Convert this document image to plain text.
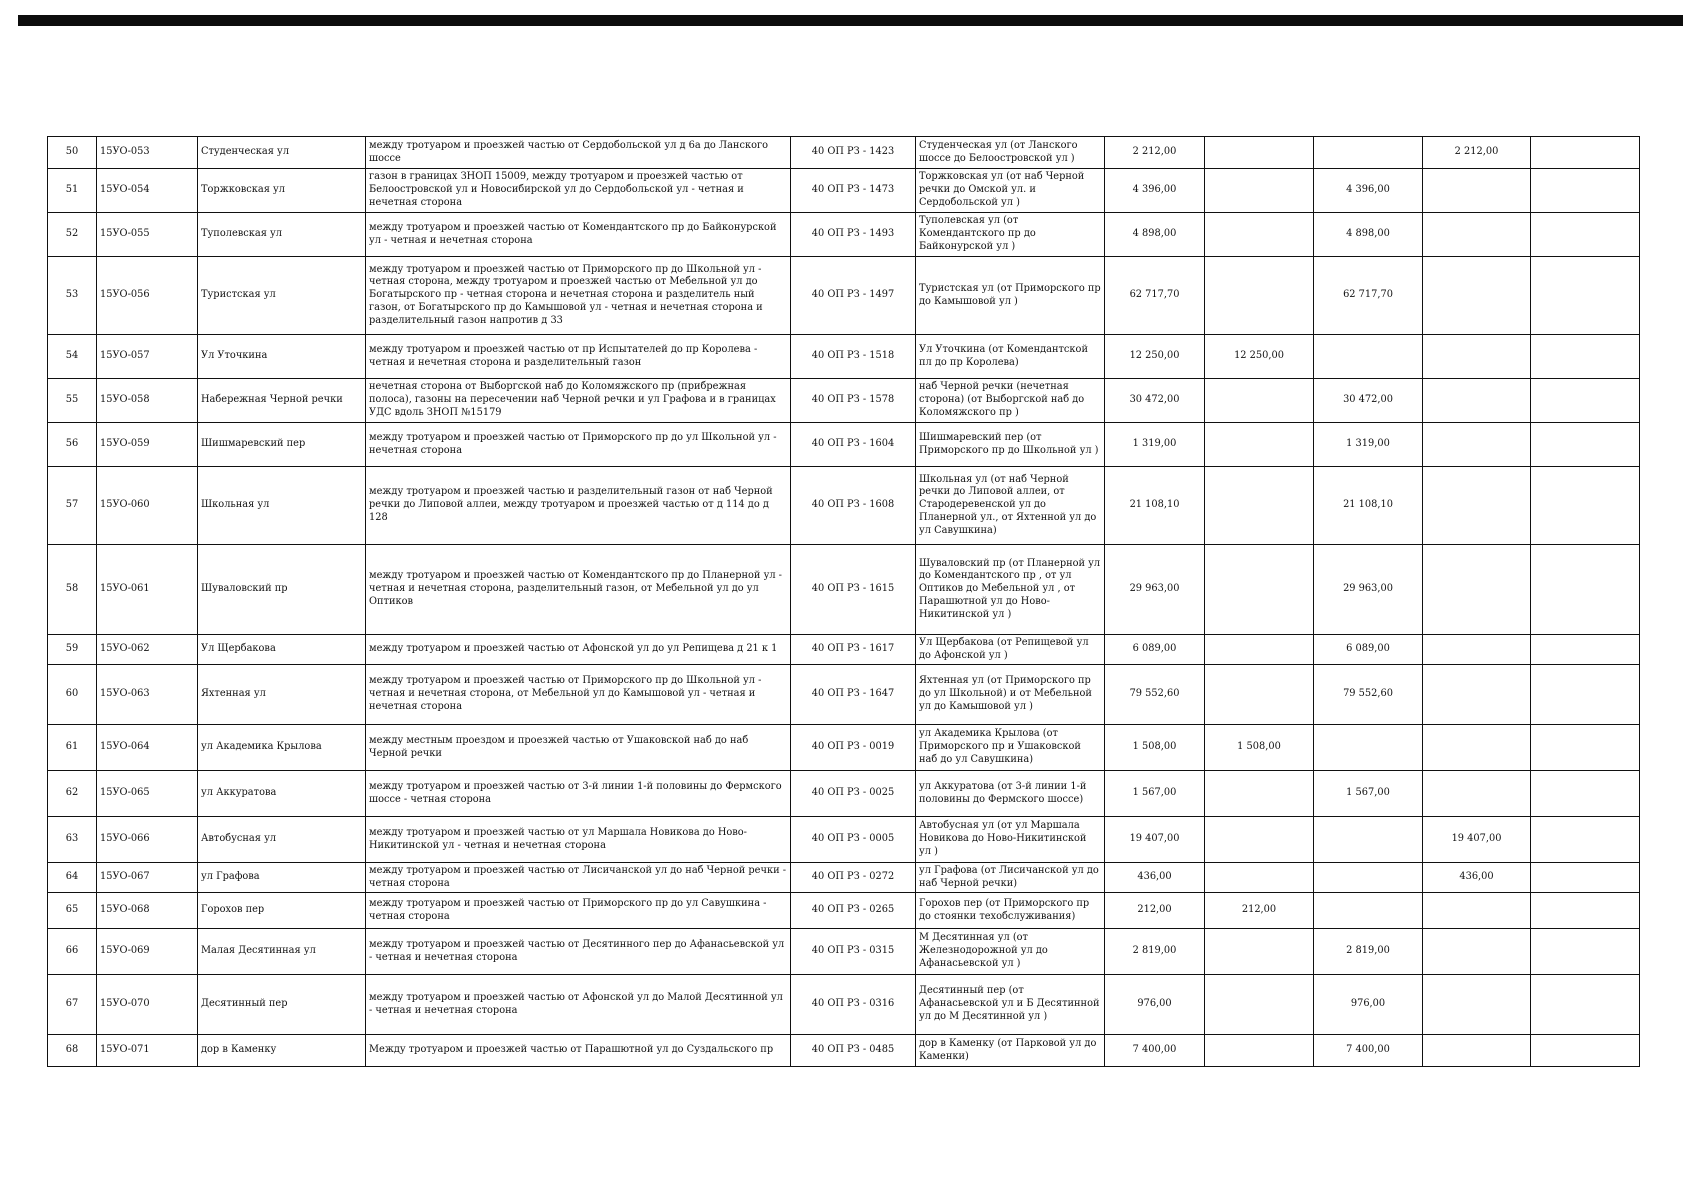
50	15УО-053	Студенческая ул	между тротуаром и проезжей частью от Сердобольской ул д 6а до Ланского шоссе	40 ОП РЗ - 1423	Студенческая ул (от Ланского шоссе до Белоостровской ул )	2 212,00			2 212,00	
51	15УО-054	Торжковская ул	газон в границах ЗНОП 15009, между тротуаром и проезжей частью от Белоостровской ул и Новосибирской ул до Сердобольской ул - четная и нечетная сторона	40 ОП РЗ - 1473	Торжковская ул (от наб Черной речки до Омской ул. и Сердобольской ул )	4 396,00		4 396,00		
52	15УО-055	Туполевская ул	между тротуаром и проезжей частью от Комендантского пр до Байконурской ул - четная и нечетная сторона	40 ОП РЗ - 1493	Туполевская ул (от Комендантского пр до Байконурской ул )	4 898,00		4 898,00		
53	15УО-056	Туристская ул	между тротуаром и проезжей частью от Приморского пр до Школьной ул - четная сторона, между тротуаром и проезжей частью от Мебельной ул до Богатырского пр - четная сторона и нечетная сторона и разделитель ный газон, от Богатырского пр до Камышовой ул - четная и нечетная сторона и разделительный газон напротив д 33	40 ОП РЗ - 1497	Туристская ул (от Приморского пр до Камышовой ул )	62 717,70		62 717,70		
54	15УО-057	Ул Уточкина	между тротуаром и проезжей частью от пр Испытателей до пр Королева - четная и нечетная сторона и разделительный газон	40 ОП РЗ - 1518	Ул Уточкина (от Комендантской пл до пр Королева)	12 250,00	12 250,00			
55	15УО-058	Набережная Черной речки	нечетная сторона от Выборгской наб до Коломяжского пр (прибрежная полоса), газоны на пересечении наб Черной речки и ул Графова и в границах УДС вдоль ЗНОП №15179	40 ОП РЗ - 1578	наб Черной речки (нечетная сторона) (от Выборгской наб до Коломяжского пр )	30 472,00		30 472,00		
56	15УО-059	Шишмаревский пер	между тротуаром и проезжей частью от Приморского пр до ул Школьной ул - нечетная сторона	40 ОП РЗ - 1604	Шишмаревский пер (от Приморского пр до Школьной ул )	1 319,00		1 319,00		
57	15УО-060	Школьная ул	между тротуаром и проезжей частью и разделительный газон от наб Черной речки до Липовой аллеи, между тротуаром и проезжей частью от д 114 до д 128	40 ОП РЗ - 1608	Школьная ул (от наб Черной речки до Липовой аллеи, от Стародеревенской ул до Планерной ул., от Яхтенной ул до ул Савушкина)	21 108,10		21 108,10		
58	15УО-061	Шуваловский пр	между тротуаром и проезжей частью от Комендантского пр до Планерной ул - четная и нечетная сторона, разделительный газон, от Мебельной ул до ул Оптиков	40 ОП РЗ - 1615	Шуваловский пр (от Планерной ул до Комендантского пр , от ул Оптиков до Мебельной ул , от Парашютной ул до Ново-Никитинской ул )	29 963,00		29 963,00		
59	15УО-062	Ул Щербакова	между тротуаром и проезжей частью от Афонской ул до ул Репищева д 21 к 1	40 ОП РЗ - 1617	Ул Щербакова (от Репищевой ул до Афонской ул )	6 089,00		6 089,00		
60	15УО-063	Яхтенная ул	между тротуаром и проезжей частью от Приморского пр до Школьной ул - четная и нечетная сторона, от Мебельной ул до Камышовой ул - четная и нечетная сторона	40 ОП РЗ - 1647	Яхтенная ул (от Приморского пр до ул Школьной) и от Мебельной ул до Камышовой ул )	79 552,60		79 552,60		
61	15УО-064	ул Академика Крылова	между местным проездом и проезжей частью от Ушаковской наб до наб Черной речки	40 ОП РЗ - 0019	ул Академика Крылова (от Приморского пр и Ушаковской наб до ул Савушкина)	1 508,00	1 508,00			
62	15УО-065	ул Аккуратова	между тротуаром и проезжей частью от 3-й линии 1-й половины до Фермского шоссе - четная сторона	40 ОП РЗ - 0025	ул Аккуратова (от 3-й линии 1-й половины до Фермского шоссе)	1 567,00		1 567,00		
63	15УО-066	Автобусная ул	между тротуаром и проезжей частью от ул Маршала Новикова до Ново-Никитинской ул - четная и нечетная сторона	40 ОП РЗ - 0005	Автобусная ул (от ул Маршала Новикова до Ново-Никитинской ул )	19 407,00			19 407,00	
64	15УО-067	ул Графова	между тротуаром и проезжей частью от Лисичанской ул до наб Черной речки - четная сторона	40 ОП РЗ - 0272	ул Графова (от Лисичанской ул до наб Черной речки)	436,00			436,00	
65	15УО-068	Горохов пер	между тротуаром и проезжей частью от Приморского пр до ул Савушкина - четная сторона	40 ОП РЗ - 0265	Горохов пер (от Приморского пр до стоянки техобслуживания)	212,00	212,00			
66	15УО-069	Малая Десятинная ул	между тротуаром и проезжей частью от Десятинного пер до Афанасьевской ул - четная и нечетная сторона	40 ОП РЗ - 0315	М Десятинная ул (от Железнодорожной ул до Афанасьевской ул )	2 819,00		2 819,00		
67	15УО-070	Десятинный пер	между тротуаром и проезжей частью от Афонской ул до Малой Десятинной ул - четная и нечетная сторона	40 ОП РЗ - 0316	Десятинный пер (от Афанасьевской ул и Б Десятинной ул до М Десятинной ул )	976,00		976,00		
68	15УО-071	дор в Каменку	Между тротуаром и проезжей частью от Парашютной ул до Суздальского пр	40 ОП РЗ - 0485	дор в Каменку (от Парковой ул до Каменки)	7 400,00		7 400,00		
